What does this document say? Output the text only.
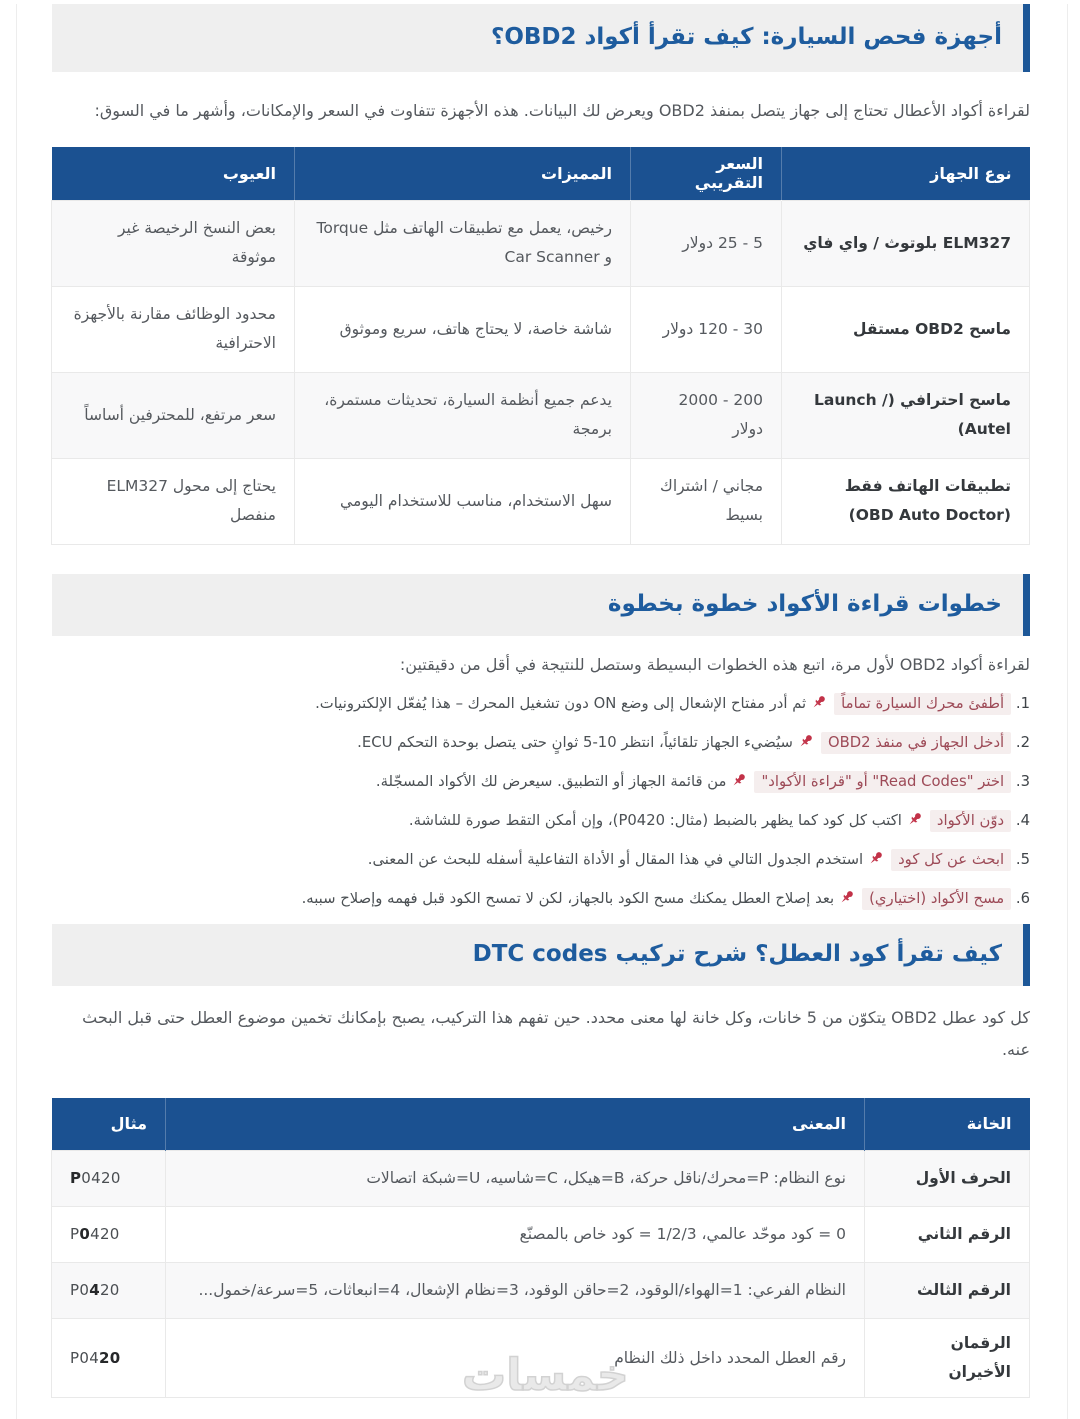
أجهزة فحص السيارة: كيف تقرأ أكواد OBD2؟

لقراءة أكواد الأعطال تحتاج إلى جهاز يتصل بمنفذ OBD2 ويعرض لك البيانات. هذه الأجهزة تتفاوت في السعر والإمكانات، وأشهر ما في السوق:

نوع الجهاز	السعر التقريبي	المميزات	العيوب
ELM327 بلوتوث / واي فاي	5 - 25 دولار	رخيص، يعمل مع تطبيقات الهاتف مثل Torque و Car Scanner	بعض النسخ الرخيصة غير موثوقة
ماسح OBD2 مستقل	30 - 120 دولار	شاشة خاصة، لا يحتاج هاتف، سريع وموثوق	محدود الوظائف مقارنة بالأجهزة الاحترافية
ماسح احترافي (Launch / Autel)	200 - 2000 دولار	يدعم جميع أنظمة السيارة، تحديثات مستمرة، برمجة	سعر مرتفع، للمحترفين أساساً
تطبيقات الهاتف فقط (OBD Auto Doctor)	مجاني / اشتراك بسيط	سهل الاستخدام، مناسب للاستخدام اليومي	يحتاج إلى محول ELM327 منفصل
خطوات قراءة الأكواد خطوة بخطوة

لقراءة أكواد OBD2 لأول مرة، اتبع هذه الخطوات البسيطة وستصل للنتيجة في أقل من دقيقتين:

1. أطفئ محرك السيارة تماماًثم أدر مفتاح الإشعال إلى وضع ON دون تشغيل المحرك – هذا يُفعّل الإلكترونيات.
2. أدخل الجهاز في منفذ OBD2سيُضيء الجهاز تلقائياً، انتظر 10-5 ثوانٍ حتى يتصل بوحدة التحكم ECU.
3. اختر "Read Codes" أو "قراءة الأكواد"من قائمة الجهاز أو التطبيق. سيعرض لك الأكواد المسجّلة.
4. دوّن الأكواداكتب كل كود كما يظهر بالضبط (مثال: P0420)، وإن أمكن التقط صورة للشاشة.
5. ابحث عن كل كوداستخدم الجدول التالي في هذا المقال أو الأداة التفاعلية أسفله للبحث عن المعنى.
6. مسح الأكواد (اختياري)بعد إصلاح العطل يمكنك مسح الكود بالجهاز، لكن لا تمسح الكود قبل فهمه وإصلاح سببه.
كيف تقرأ كود العطل؟ شرح تركيب DTC codes

كل كود عطل OBD2 يتكوّن من 5 خانات، وكل خانة لها معنى محدد. حين تفهم هذا التركيب، يصبح بإمكانك تخمين موضوع العطل حتى قبل البحث عنه.

الخانة	المعنى	مثال
الحرف الأول	نوع النظام: P=محرك/ناقل حركة، B=هيكل، C=شاسيه، U=شبكة اتصالات	P0420
الرقم الثاني	0 = كود موحّد عالمي، 1/2/3 = كود خاص بالمصنّع	P0420
الرقم الثالث	النظام الفرعي: 1=الهواء/الوقود، 2=حاقن الوقود، 3=نظام الإشعال، 4=انبعاثات، 5=سرعة/خمول...	P0420
الرقمان الأخيران	رقم العطل المحدد داخل ذلك النظام	P0420	خمسات
